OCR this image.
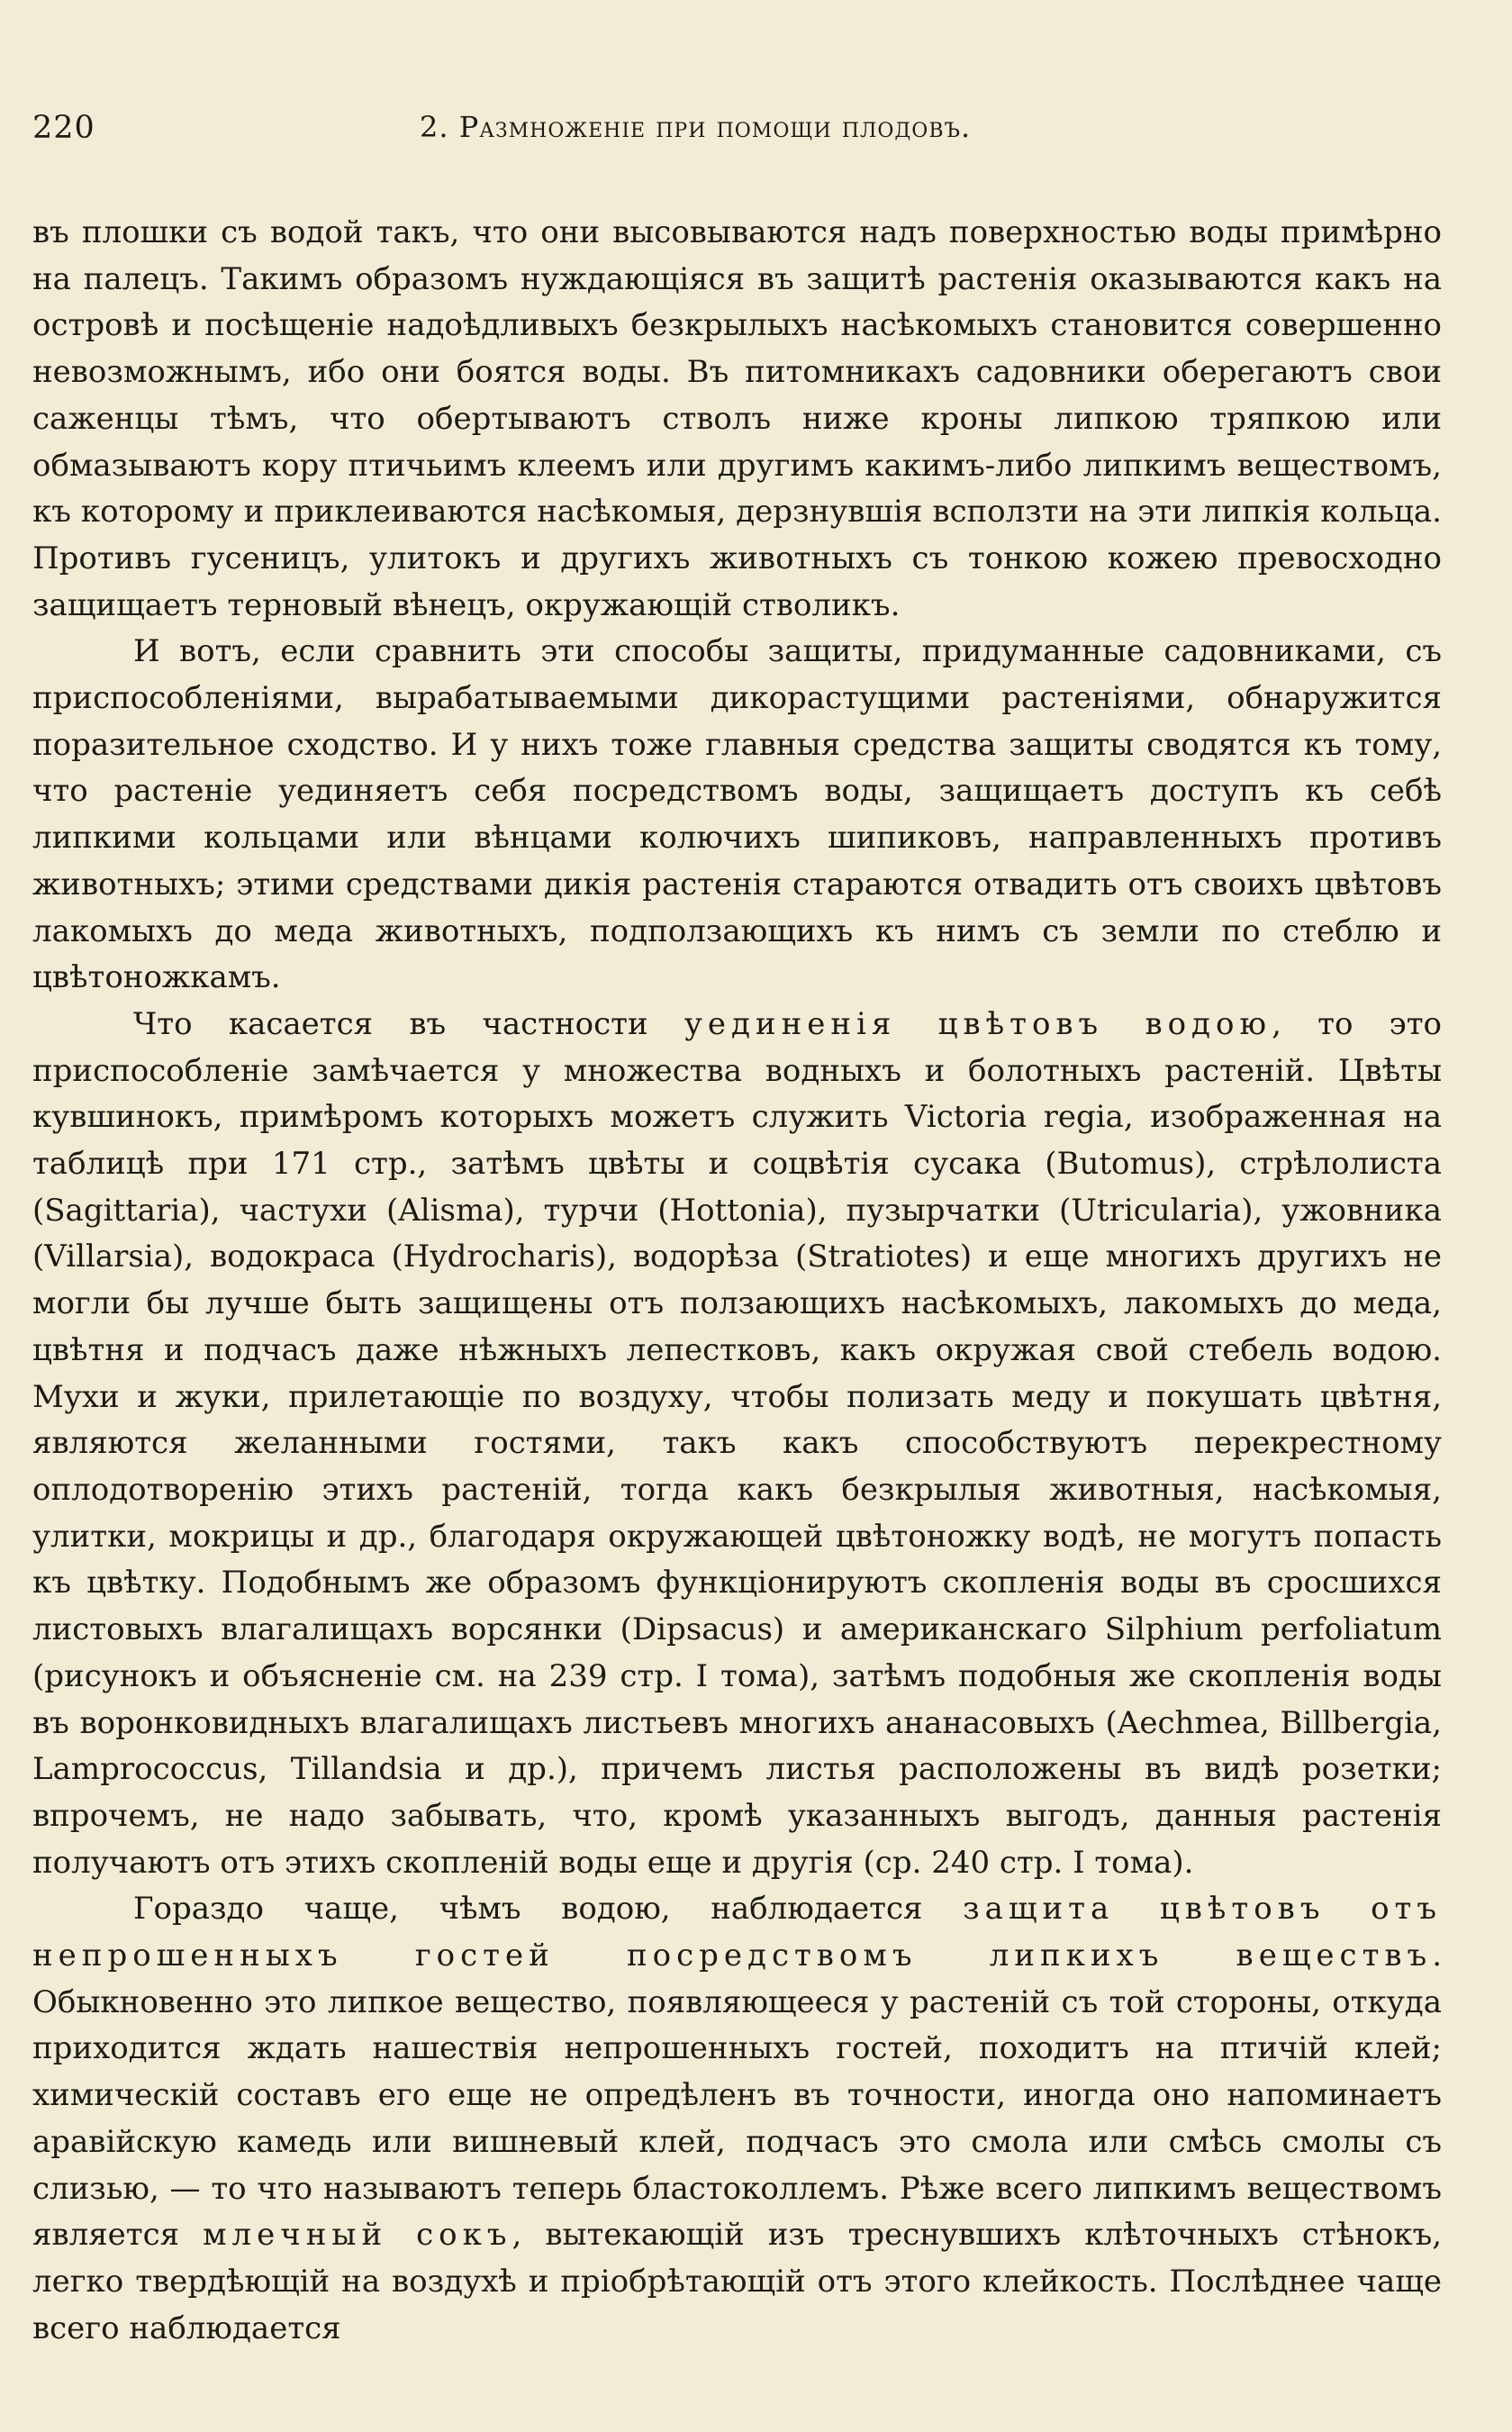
220	2. Размноженіе при помощи плодовъ.

въ плошки съ водой такъ, что они высовываются надъ поверхностью воды примѣрно на палецъ. Такимъ образомъ нуждающіяся въ защитѣ растенія оказываются какъ на островѣ и посѣщеніе надоѣдливыхъ безкрылыхъ насѣкомыхъ становится совершенно невозможнымъ, ибо они боятся воды. Въ питомникахъ садовники оберегаютъ свои саженцы тѣмъ, что обертываютъ стволъ ниже кроны липкою тряпкою или обмазываютъ кору птичьимъ клеемъ или другимъ какимъ-либо липкимъ веществомъ, къ которому и приклеиваются насѣкомыя, дерзнувшія всползти на эти липкія кольца. Противъ гусеницъ, улитокъ и другихъ животныхъ съ тонкою кожею превосходно защищаетъ терновый вѣнецъ, окружающій стволикъ.

И вотъ, если сравнить эти способы защиты, придуманные садовниками, съ приспособленіями, вырабатываемыми дикорастущими растеніями, обнаружится поразительное сходство. И у нихъ тоже главныя средства защиты сводятся къ тому, что растеніе уединяетъ себя посредствомъ воды, защищаетъ доступъ къ себѣ липкими кольцами или вѣнцами колючихъ шипиковъ, направленныхъ противъ животныхъ; этими средствами дикія растенія стараются отвадить отъ своихъ цвѣтовъ лакомыхъ до меда животныхъ, подползающихъ къ нимъ съ земли по стеблю и цвѣтоножкамъ.

Что касается въ частности уединенія цвѣтовъ водою, то это приспособленіе замѣчается у множества водныхъ и болотныхъ растеній. Цвѣты кувшинокъ, примѣромъ которыхъ можетъ служить Victoria regia, изображенная на таблицѣ при 171 стр., затѣмъ цвѣты и соцвѣтія сусака (Butomus), стрѣлолиста (Sagittaria), частухи (Alisma), турчи (Hottonia), пузырчатки (Utricularia), ужовника (Villarsia), водокраса (Hydrocharis), водорѣза (Stratiotes) и еще многихъ другихъ не могли бы лучше быть защищены отъ ползающихъ насѣкомыхъ, лакомыхъ до меда, цвѣтня и подчасъ даже нѣжныхъ лепестковъ, какъ окружая свой стебель водою. Мухи и жуки, прилетающіе по воздуху, чтобы полизать меду и покушать цвѣтня, являются желанными гостями, такъ какъ способствуютъ перекрестному оплодотворенію этихъ растеній, тогда какъ безкрылыя животныя, насѣкомыя, улитки, мокрицы и др., благодаря окружающей цвѣтоножку водѣ, не могутъ попасть къ цвѣтку. Подобнымъ же образомъ функціонируютъ скопленія воды въ сросшихся листовыхъ влагалищахъ ворсянки (Dipsacus) и американскаго Silphium perfoliatum (рисунокъ и объясненіе см. на 239 стр. I тома), затѣмъ подобныя же скопленія воды въ воронковидныхъ влагалищахъ листьевъ многихъ ананасовыхъ (Aechmea, Billbergia, Lamprococcus, Tillandsia и др.), причемъ листья расположены въ видѣ розетки; впрочемъ, не надо забывать, что, кромѣ указанныхъ выгодъ, данныя растенія получаютъ отъ этихъ скопленій воды еще и другія (ср. 240 стр. I тома).

Гораздо чаще, чѣмъ водою, наблюдается защита цвѣтовъ отъ непрошенныхъ гостей посредствомъ липкихъ веществъ. Обыкновенно это липкое вещество, появляющееся у растеній съ той стороны, откуда приходится ждать нашествія непрошенныхъ гостей, походитъ на птичій клей; химическій составъ его еще не опредѣленъ въ точности, иногда оно напоминаетъ аравійскую камедь или вишневый клей, подчасъ это смола или смѣсь смолы съ слизью, — то что называютъ теперь бластоколлемъ. Рѣже всего липкимъ веществомъ является млечный сокъ, вытекающій изъ треснувшихъ клѣточныхъ стѣнокъ, легко твердѣющій на воздухѣ и пріобрѣтающій отъ этого клейкость. Послѣднее чаще всего наблюдается
